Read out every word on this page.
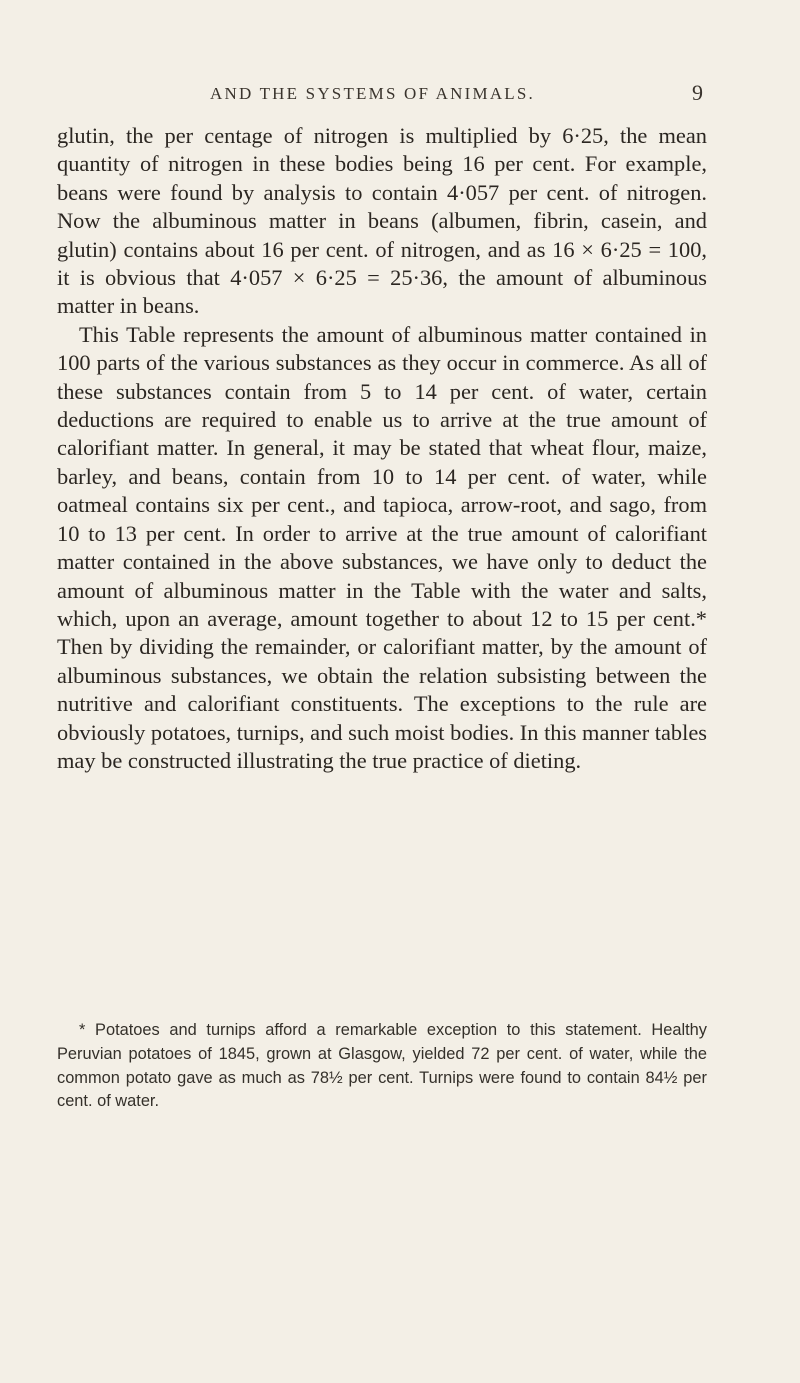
AND THE SYSTEMS OF ANIMALS.	9

glutin, the per centage of nitrogen is multiplied by 6·25, the mean quantity of nitrogen in these bodies being 16 per cent. For example, beans were found by analysis to contain 4·057 per cent. of nitrogen. Now the albuminous matter in beans (albumen, fibrin, casein, and glutin) contains about 16 per cent. of nitrogen, and as 16 × 6·25 = 100, it is obvious that 4·057 × 6·25 = 25·36, the amount of albuminous matter in beans.

This Table represents the amount of albuminous matter contained in 100 parts of the various substances as they occur in commerce. As all of these substances contain from 5 to 14 per cent. of water, certain deductions are required to enable us to arrive at the true amount of calorifiant matter. In general, it may be stated that wheat flour, maize, barley, and beans, contain from 10 to 14 per cent. of water, while oatmeal contains six per cent., and tapioca, arrow-root, and sago, from 10 to 13 per cent. In order to arrive at the true amount of calorifiant matter contained in the above substances, we have only to deduct the amount of albuminous matter in the Table with the water and salts, which, upon an average, amount together to about 12 to 15 per cent.* Then by dividing the remainder, or calorifiant matter, by the amount of albuminous substances, we obtain the relation subsisting between the nutritive and calorifiant constituents. The exceptions to the rule are obviously potatoes, turnips, and such moist bodies. In this manner tables may be constructed illustrating the true practice of dieting.

* Potatoes and turnips afford a remarkable exception to this statement. Healthy Peruvian potatoes of 1845, grown at Glasgow, yielded 72 per cent. of water, while the common potato gave as much as 78½ per cent. Turnips were found to contain 84½ per cent. of water.
